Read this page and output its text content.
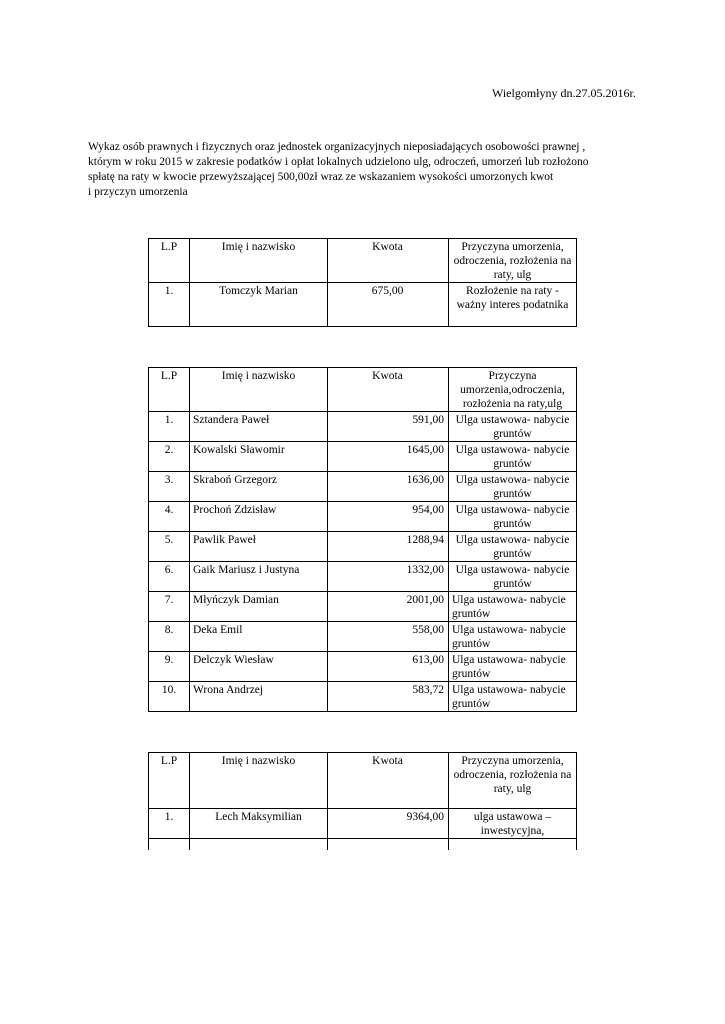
Wielgomłyny dn.27.05.2016r.
Wykaz osób prawnych i fizycznych oraz jednostek organizacyjnych nieposiadających osobowości prawnej ,
którym w roku 2015 w zakresie podatków i opłat lokalnych udzielono ulg, odroczeń, umorzeń lub rozłożono
spłatę na raty w kwocie przewyższającej 500,00zł wraz ze wskazaniem wysokości umorzonych kwot
i przyczyn umorzenia
L.P	Imię i nazwisko	Kwota	Przyczyna umorzenia, odroczenia, rozłożenia na raty, ulg
1.	Tomczyk Marian	675,00	Rozłożenie na raty - ważny interes podatnika
L.P	Imię i nazwisko	Kwota	Przyczyna umorzenia,odroczenia, rozłożenia na raty,ulg
1.	Sztandera Paweł	591,00	Ulga ustawowa- nabycie gruntów
2.	Kowalski Sławomir	1645,00	Ulga ustawowa- nabycie gruntów
3.	Skraboń Grzegorz	1636,00	Ulga ustawowa- nabycie gruntów
4.	Prochoń Zdzisław	954,00	Ulga ustawowa- nabycie gruntów
5.	Pawlik Paweł	1288,94	Ulga ustawowa- nabycie gruntów
6.	Gaik Mariusz i Justyna	1332,00	Ulga ustawowa- nabycie gruntów
7.	Młyńczyk Damian	2001,00	Ulga ustawowa- nabycie gruntów
8.	Deka Emil	558,00	Ulga ustawowa- nabycie gruntów
9.	Delczyk Wiesław	613,00	Ulga ustawowa- nabycie gruntów
10.	Wrona Andrzej	583,72	Ulga ustawowa- nabycie gruntów
L.P	Imię i nazwisko	Kwota	Przyczyna umorzenia, odroczenia, rozłożenia na raty, ulg
1.	Lech Maksymilian	9364,00	ulga ustawowa – inwestycyjna,
